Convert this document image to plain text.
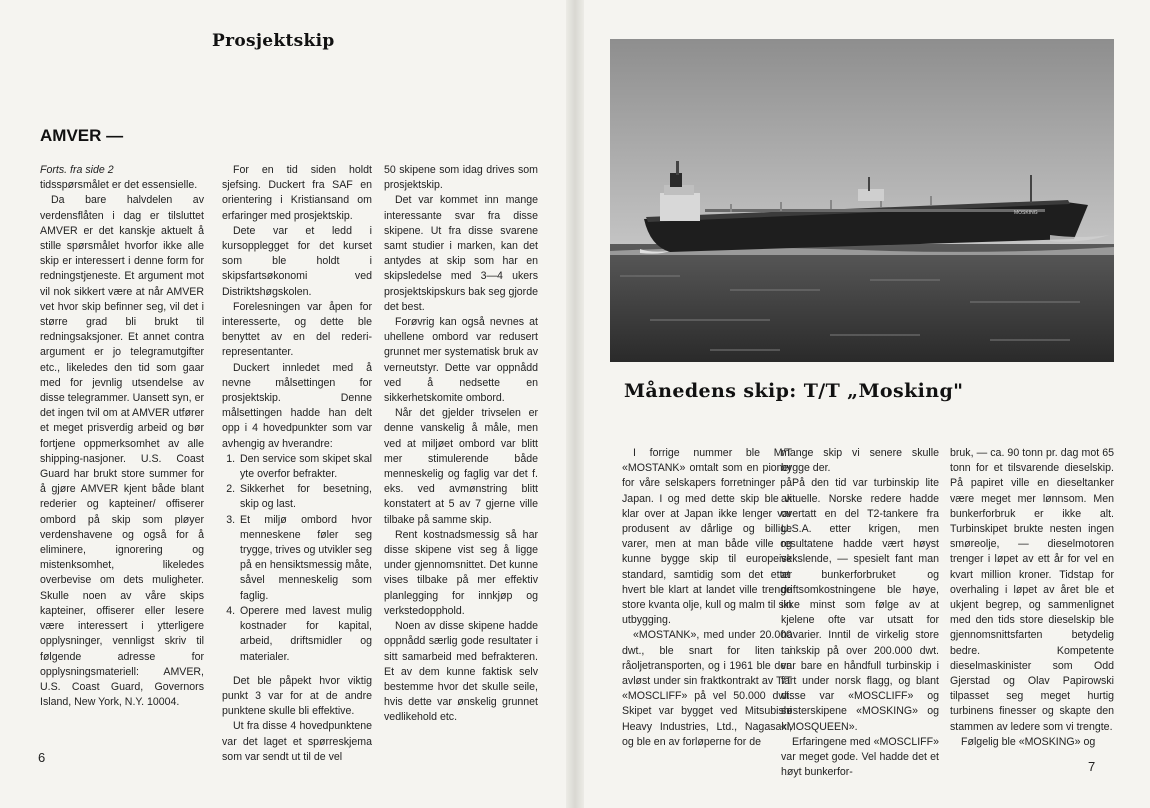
Prosjektskip
AMVER —

Forts. fra side 2

tidsspørsmålet er det essensielle.

Da bare halvdelen av verdensflåten i dag er tilsluttet AMVER er det kanskje aktuelt å stille spørsmålet hvorfor ikke alle skip er interessert i denne form for redningstjeneste. Et argument mot vil nok sikkert være at når AMVER vet hvor skip befinner seg, vil det i større grad bli brukt til redningsaksjoner. Et annet contra argument er jo telegramutgifter etc., likeledes den tid som gaar med for jevnlig utsendelse av disse telegrammer. Uansett syn, er det ingen tvil om at AMVER utfører et meget prisverdig arbeid og bør fortjene oppmerksomhet av alle shipping-nasjoner. U.S. Coast Guard har brukt store summer for å gjøre AMVER kjent både blant rederier og kapteiner/ offiserer ombord på skip som pløyer verdenshavene og også for å eliminere, ignorering og mistenksomhet, likeledes overbevise om dets muligheter. Skulle noen av våre skips kapteiner, offiserer eller lesere være interessert i ytterligere opplysninger, vennligst skriv til følgende adresse for opplysningsmateriell: AMVER, U.S. Coast Guard, Governors Island, New York, N.Y. 10004.

For en tid siden holdt sjefsing. Duckert fra SAF en orientering i Kristiansand om erfaringer med prosjektskip.

Dete var et ledd i kursopplegget for det kurset som ble holdt i skipsfartsøkonomi ved Distriktshøgskolen.

Forelesningen var åpen for interesserte, og dette ble benyttet av en del rederi-representanter.

Duckert innledet med å nevne målsettingen for prosjektskip. Denne målsettingen hadde han delt opp i 4 hovedpunkter som var avhengig av hverandre:

1. Den service som skipet skal yte overfor befrakter.
2. Sikkerhet for besetning, skip og last.
3. Et miljø ombord hvor menneskene føler seg trygge, trives og utvikler seg på en hensiktsmessig måte, såvel menneskelig som faglig.
4. Operere med lavest mulig kostnader for kapital, arbeid, driftsmidler og materialer.

Det ble påpekt hvor viktig punkt 3 var for at de andre punktene skulle bli effektive.

Ut fra disse 4 hovedpunktene var det laget et spørreskjema som var sendt ut til de vel

50 skipene som idag drives som prosjektskip.

Det var kommet inn mange interessante svar fra disse skipene. Ut fra disse svarene samt studier i marken, kan det antydes at skip som har en skipsledelse med 3—4 ukers prosjektskipskurs bak seg gjorde det best.

Forøvrig kan også nevnes at uhellene ombord var redusert grunnet mer systematisk bruk av verneutstyr. Dette var oppnådd ved å nedsette en sikkerhetskomite ombord.

Når det gjelder trivselen er denne vanskelig å måle, men ved at miljøet ombord var blitt mer stimulerende både menneskelig og faglig var det f. eks. ved avmønstring blitt konstatert at 5 av 7 gjerne ville tilbake på samme skip.

Rent kostnadsmessig så har disse skipene vist seg å ligge under gjennomsnittet. Det kunne vises tilbake på mer effektiv planlegging for innkjøp og verkstedopphold.

Noen av disse skipene hadde oppnådd særlig gode resultater i sitt samarbeid med befrakteren. Et av dem kunne faktisk selv bestemme hvor det skulle seile, hvis dette var ønskelig grunnet vedlikehold etc.

6
MOSKING
Månedens skip: T/T „Mosking"

I forrige nummer ble M/T «MOSTANK» omtalt som en pioner for våre selskapers forretninger på Japan. I og med dette skip ble vi klar over at Japan ikke lenger var produsent av dårlige og billige varer, men at man både ville og kunne bygge skip til europeisk standard, samtidig som det etter hvert ble klart at landet ville trenge store kvanta olje, kull og malm til sin utbygging.

«MOSTANK», med under 20.000 dwt., ble snart for liten i råoljetransporten, og i 1961 ble den avløst under sin fraktkontrakt av T/T «MOSCLIFF» på vel 50.000 dwt. Skipet var bygget ved Mitsubishi Heavy Industries, Ltd., Nagasaki, og ble en av forløperne for de

mange skip vi senere skulle bygge der.

På den tid var turbinskip lite aktuelle. Norske redere hadde overtatt en del T2-tankere fra U.S.A. etter krigen, men resultatene hadde vært høyst vekslende, — spesielt fant man at bunkerforbruket og driftsomkostningene ble høye, ikke minst som følge av at kjelene ofte var utsatt for havarier. Inntil de virkelig store tankskip på over 200.000 dwt. var bare en håndfull turbinskip i fart under norsk flagg, og blant disse var «MOSCLIFF» og søsterskipene «MOSKING» og «MOSQUEEN».

Erfaringene med «MOSCLIFF» var meget gode. Vel hadde det et høyt bunkerfor-

bruk, — ca. 90 tonn pr. dag mot 65 tonn for et tilsvarende dieselskip. På papiret ville en dieseltanker være meget mer lønnsom. Men bunkerforbruk er ikke alt. Turbinskipet brukte nesten ingen smøreolje, — dieselmotoren trenger i løpet av ett år for vel en kvart million kroner. Tidstap for overhaling i løpet av året ble et ukjent begrep, og sammenlignet med den tids store dieselskip ble gjennomsnittsfarten betydelig bedre. Kompetente dieselmaskinister som Odd Gjerstad og Olav Papirowski tilpasset seg meget hurtig turbinens finesser og skapte den stammen av ledere som vi trengte.

Følgelig ble «MOSKING» og

7
